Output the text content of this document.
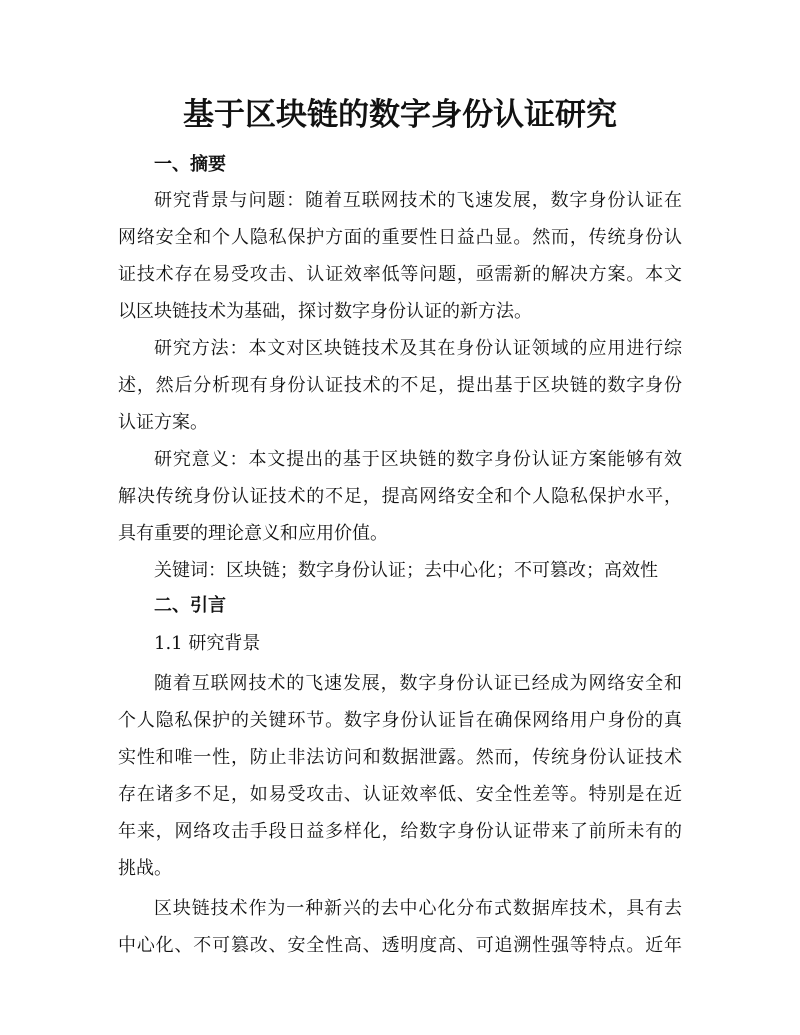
基于区块链的数字身份认证研究
一、摘要
研究背景与问题：随着互联网技术的飞速发展，数字身份认证在
网络安全和个人隐私保护方面的重要性日益凸显。然而，传统身份认
证技术存在易受攻击、认证效率低等问题，亟需新的解决方案。本文
以区块链技术为基础，探讨数字身份认证的新方法。
研究方法：本文对区块链技术及其在身份认证领域的应用进行综
述，然后分析现有身份认证技术的不足，提出基于区块链的数字身份
认证方案。
研究意义：本文提出的基于区块链的数字身份认证方案能够有效
解决传统身份认证技术的不足，提高网络安全和个人隐私保护水平，
具有重要的理论意义和应用价值。
关键词：区块链；数字身份认证；去中心化；不可篡改；高效性
二、引言
1.1 研究背景
随着互联网技术的飞速发展，数字身份认证已经成为网络安全和
个人隐私保护的关键环节。数字身份认证旨在确保网络用户身份的真
实性和唯一性，防止非法访问和数据泄露。然而，传统身份认证技术
存在诸多不足，如易受攻击、认证效率低、安全性差等。特别是在近
年来，网络攻击手段日益多样化，给数字身份认证带来了前所未有的
挑战。
区块链技术作为一种新兴的去中心化分布式数据库技术，具有去
中心化、不可篡改、安全性高、透明度高、可追溯性强等特点。近年
